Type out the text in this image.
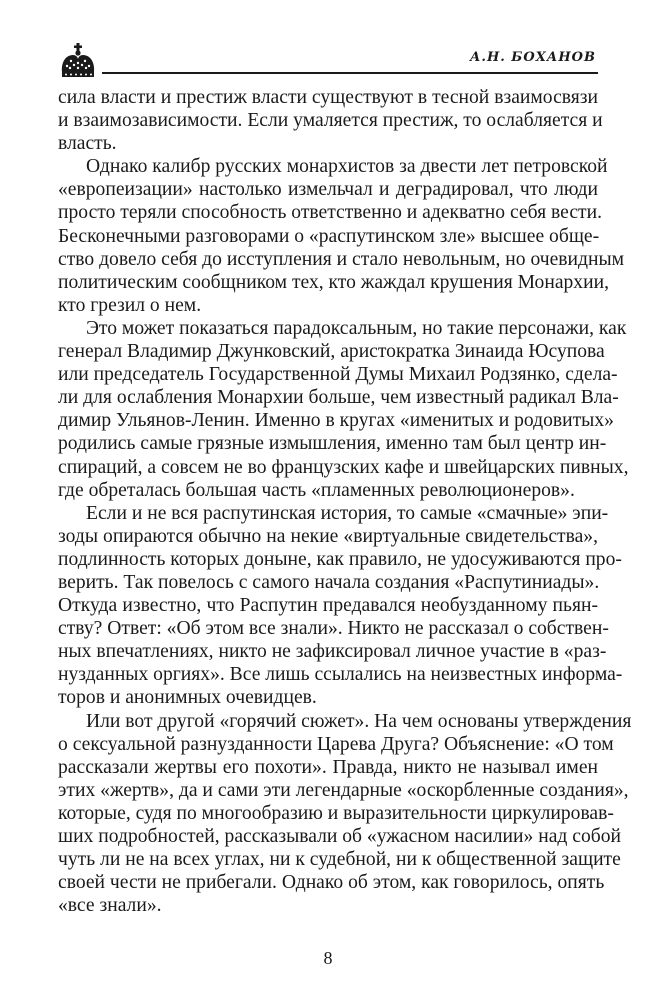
А.Н. БОХАНОВ

сила власти и престиж власти существуют в тесной взаимосвязи
и взаимозависимости. Если умаляется престиж, то ослабляется и
власть.

Однако калибр русских монархистов за двести лет петровской
«европеизации» настолько измельчал и деградировал, что люди
просто теряли способность ответственно и адекватно себя вести.
Бесконечными разговорами о «распутинском зле» высшее обще-
ство довело себя до исступления и стало невольным, но очевидным
политическим сообщником тех, кто жаждал крушения Монархии,
кто грезил о нем.

Это может показаться парадоксальным, но такие персонажи, как
генерал Владимир Джунковский, аристократка Зинаида Юсупова
или председатель Государственной Думы Михаил Родзянко, сдела-
ли для ослабления Монархии больше, чем известный радикал Вла-
димир Ульянов-Ленин. Именно в кругах «именитых и родовитых»
родились самые грязные измышления, именно там был центр ин-
спираций, а совсем не во французских кафе и швейцарских пивных,
где обреталась большая часть «пламенных революционеров».

Если и не вся распутинская история, то самые «смачные» эпи-
зоды опираются обычно на некие «виртуальные свидетельства»,
подлинность которых доныне, как правило, не удосуживаются про-
верить. Так повелось с самого начала создания «Распутиниады».
Откуда известно, что Распутин предавался необузданному пьян-
ству? Ответ: «Об этом все знали». Никто не рассказал о собствен-
ных впечатлениях, никто не зафиксировал личное участие в «раз-
нузданных оргиях». Все лишь ссылались на неизвестных информа-
торов и анонимных очевидцев.

Или вот другой «горячий сюжет». На чем основаны утверждения
о сексуальной разнузданности Царева Друга? Объяснение: «О том
рассказали жертвы его похоти». Правда, никто не называл имен
этих «жертв», да и сами эти легендарные «оскорбленные создания»,
которые, судя по многообразию и выразительности циркулировав-
ших подробностей, рассказывали об «ужасном насилии» над собой
чуть ли не на всех углах, ни к судебной, ни к общественной защите
своей чести не прибегали. Однако об этом, как говорилось, опять
«все знали».

8
